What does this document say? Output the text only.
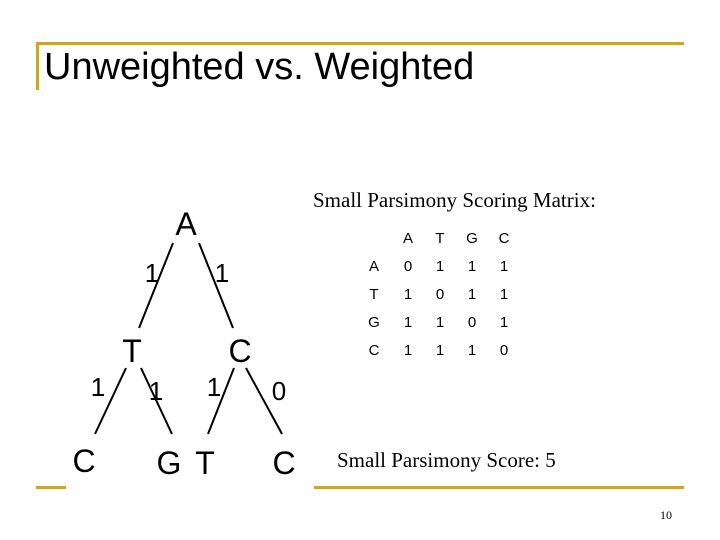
Unweighted vs. Weighted
A
1 1
T	C
1 1 1 0
C G T C
Small Parsimony Scoring Matrix:
	A	T	G	C
A	0	1	1	1
T	1	0	1	1
G	1	1	0	1
C	1	1	1	0
Small Parsimony Score: 5
10
